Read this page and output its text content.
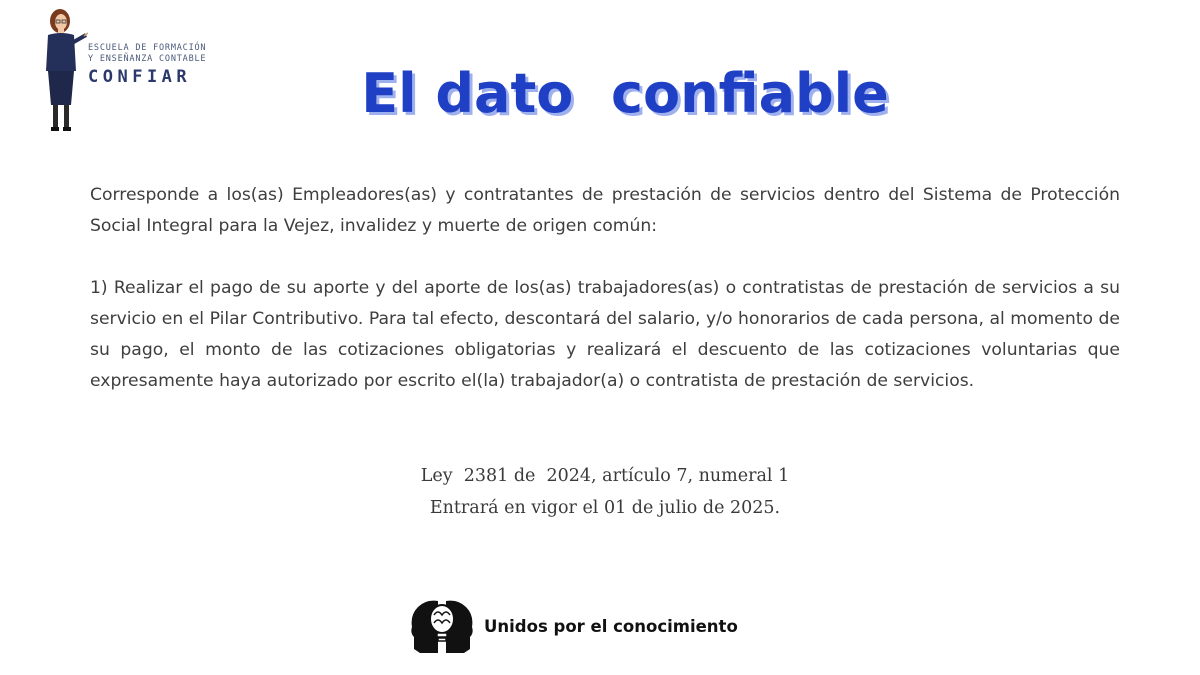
ESCUELA DE FORMACIÓN
Y ENSEÑANZA CONTABLE
CONFIAR	El dato  confiable

Corresponde a los(as) Empleadores(as) y contratantes de prestación de servicios dentro del Sistema de Protección Social Integral para la Vejez, invalidez y muerte de origen común:

1) Realizar el pago de su aporte y del aporte de los(as) trabajadores(as) o contratistas de prestación de servicios a su servicio en el Pilar Contributivo. Para tal efecto, descontará del salario, y/o honorarios de cada persona, al momento de su pago, el monto de las cotizaciones obligatorias y realizará el descuento de las cotizaciones voluntarias que expresamente haya autorizado por escrito el(la) trabajador(a) o contratista de prestación de servicios.

Ley  2381 de  2024, artículo 7, numeral 1
Entrará en vigor el 01 de julio de 2025.
Unidos por el conocimiento
